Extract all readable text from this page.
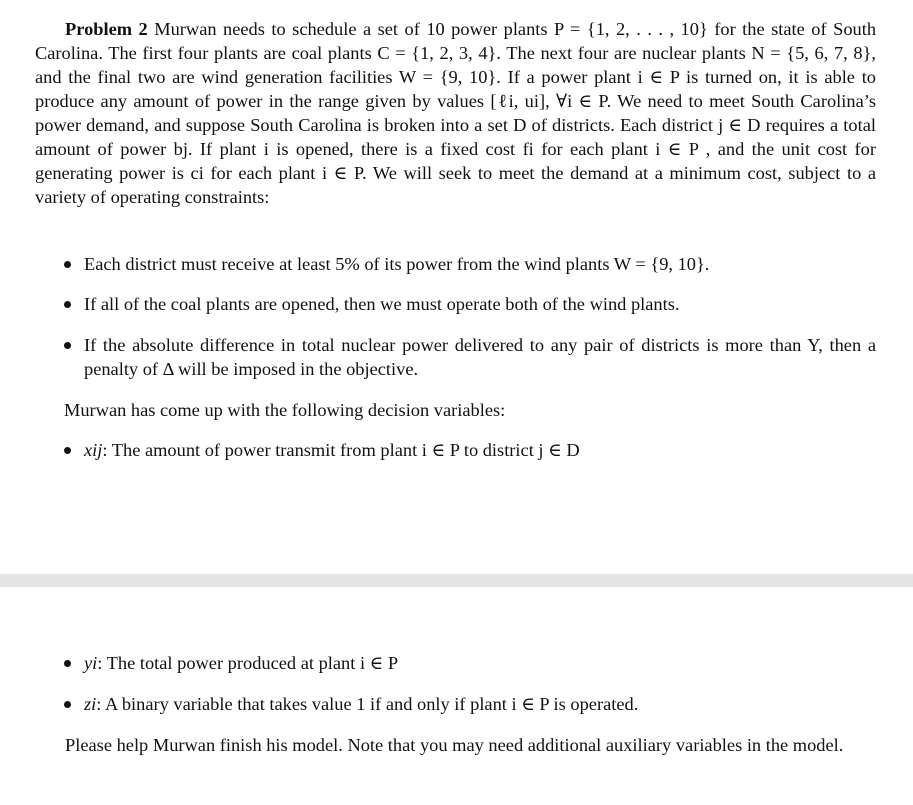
Problem 2 Murwan needs to schedule a set of 10 power plants P = {1, 2, . . . , 10} for the state of South Carolina. The first four plants are coal plants C = {1, 2, 3, 4}. The next four are nuclear plants N = {5, 6, 7, 8}, and the final two are wind generation facilities W = {9, 10}. If a power plant i ∈ P is turned on, it is able to produce any amount of power in the range given by values [ℓi, ui], ∀i ∈ P. We need to meet South Carolina’s power demand, and suppose South Carolina is broken into a set D of districts. Each district j ∈ D requires a total amount of power bj. If plant i is opened, there is a fixed cost fi for each plant i ∈ P , and the unit cost for generating power is ci for each plant i ∈ P. We will seek to meet the demand at a minimum cost, subject to a variety of operating constraints:
Each district must receive at least 5% of its power from the wind plants W = {9, 10}.
If all of the coal plants are opened, then we must operate both of the wind plants.
If the absolute difference in total nuclear power delivered to any pair of districts is more than Y, then a penalty of Δ will be imposed in the objective.
Murwan has come up with the following decision variables:
xij: The amount of power transmit from plant i ∈ P to district j ∈ D
yi: The total power produced at plant i ∈ P
zi: A binary variable that takes value 1 if and only if plant i ∈ P is operated.
Please help Murwan finish his model. Note that you may need additional auxiliary variables in the model.
